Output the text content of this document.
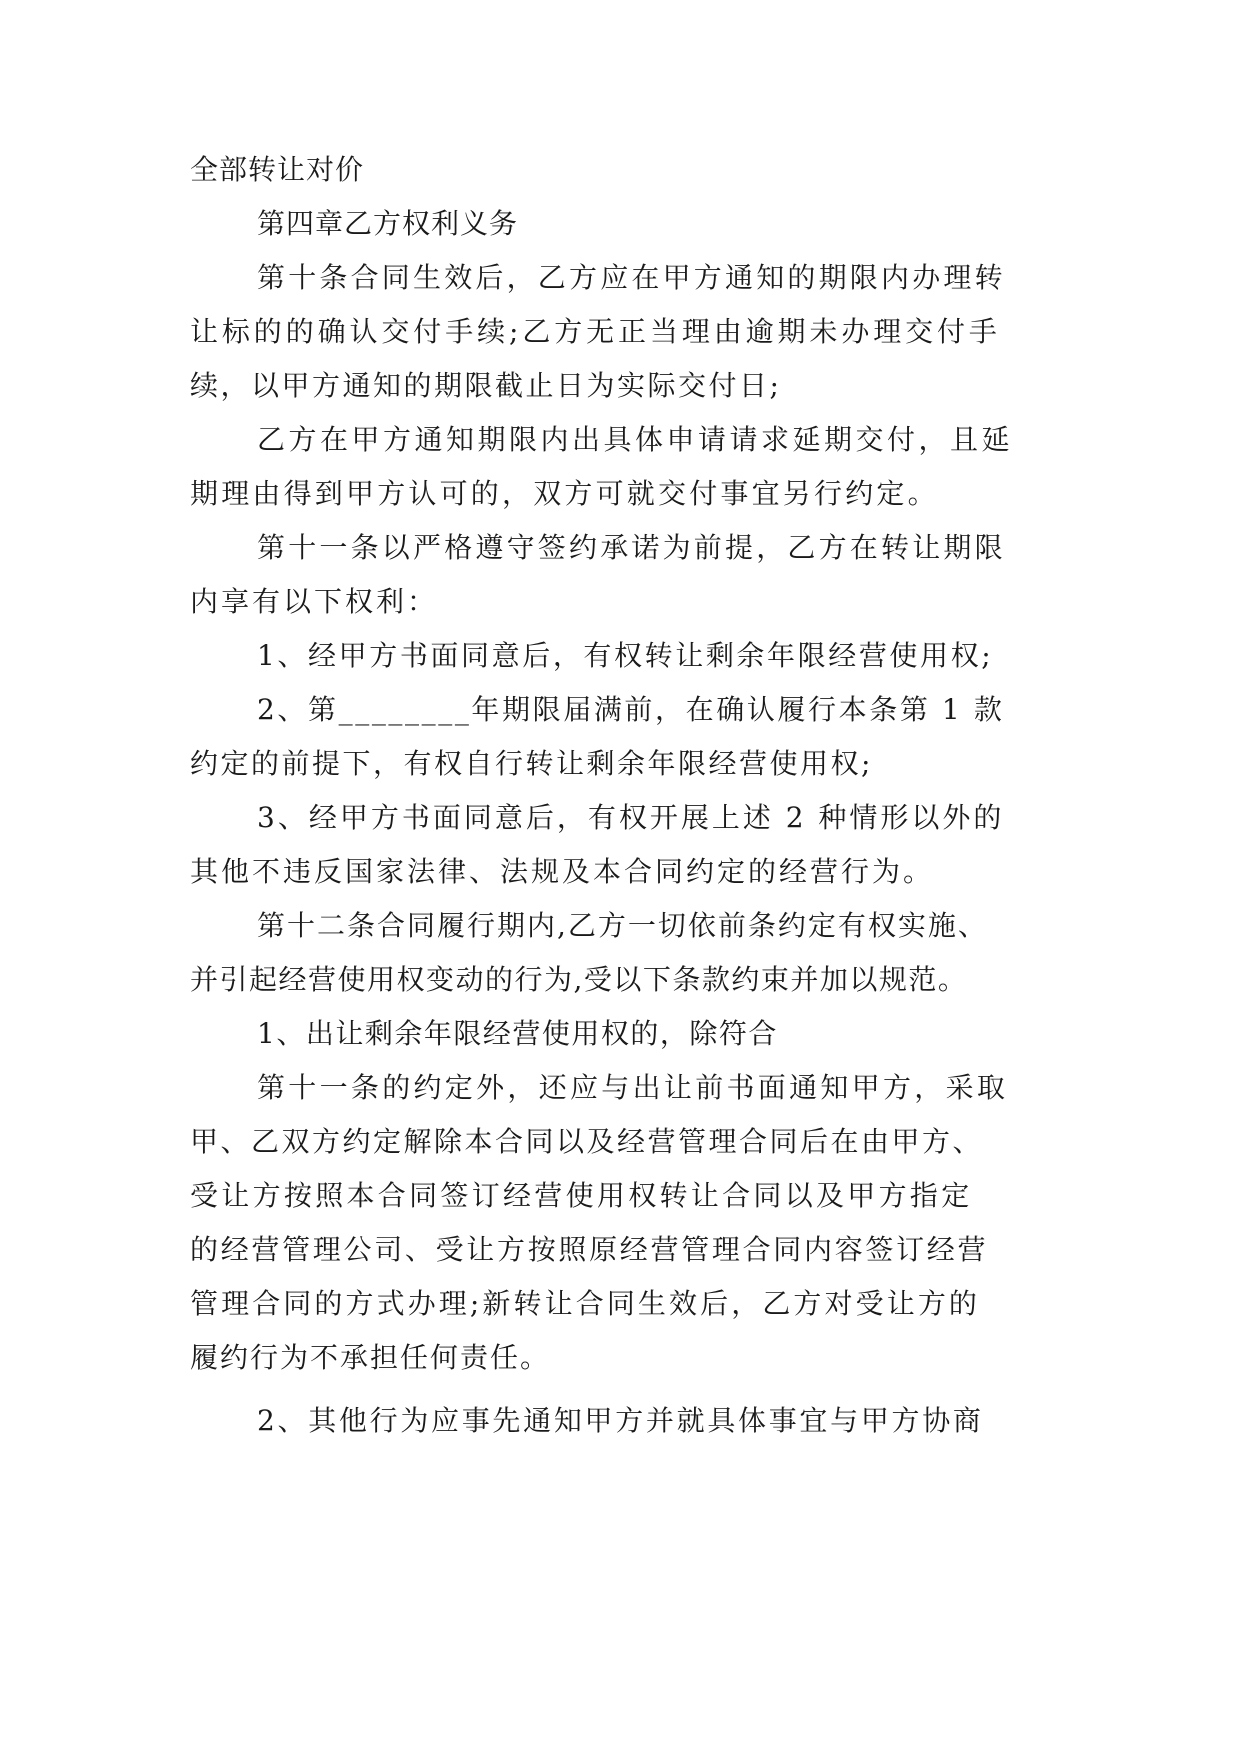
全部转让对价

第四章乙方权利义务

第十条合同生效后，乙方应在甲方通知的期限内办理转

让标的的确认交付手续;乙方无正当理由逾期未办理交付手

续，以甲方通知的期限截止日为实际交付日;

乙方在甲方通知期限内出具体申请请求延期交付，且延

期理由得到甲方认可的，双方可就交付事宜另行约定。

第十一条以严格遵守签约承诺为前提，乙方在转让期限

内享有以下权利：

1、经甲方书面同意后，有权转让剩余年限经营使用权;

2、第________年期限届满前，在确认履行本条第 1 款

约定的前提下，有权自行转让剩余年限经营使用权;

3、经甲方书面同意后，有权开展上述 2 种情形以外的

其他不违反国家法律、法规及本合同约定的经营行为。

第十二条合同履行期内,乙方一切依前条约定有权实施、

并引起经营使用权变动的行为,受以下条款约束并加以规范。

1、出让剩余年限经营使用权的，除符合

第十一条的约定外，还应与出让前书面通知甲方，采取

甲、乙双方约定解除本合同以及经营管理合同后在由甲方、

受让方按照本合同签订经营使用权转让合同以及甲方指定

的经营管理公司、受让方按照原经营管理合同内容签订经营

管理合同的方式办理;新转让合同生效后，乙方对受让方的

履约行为不承担任何责任。

2、其他行为应事先通知甲方并就具体事宜与甲方协商
